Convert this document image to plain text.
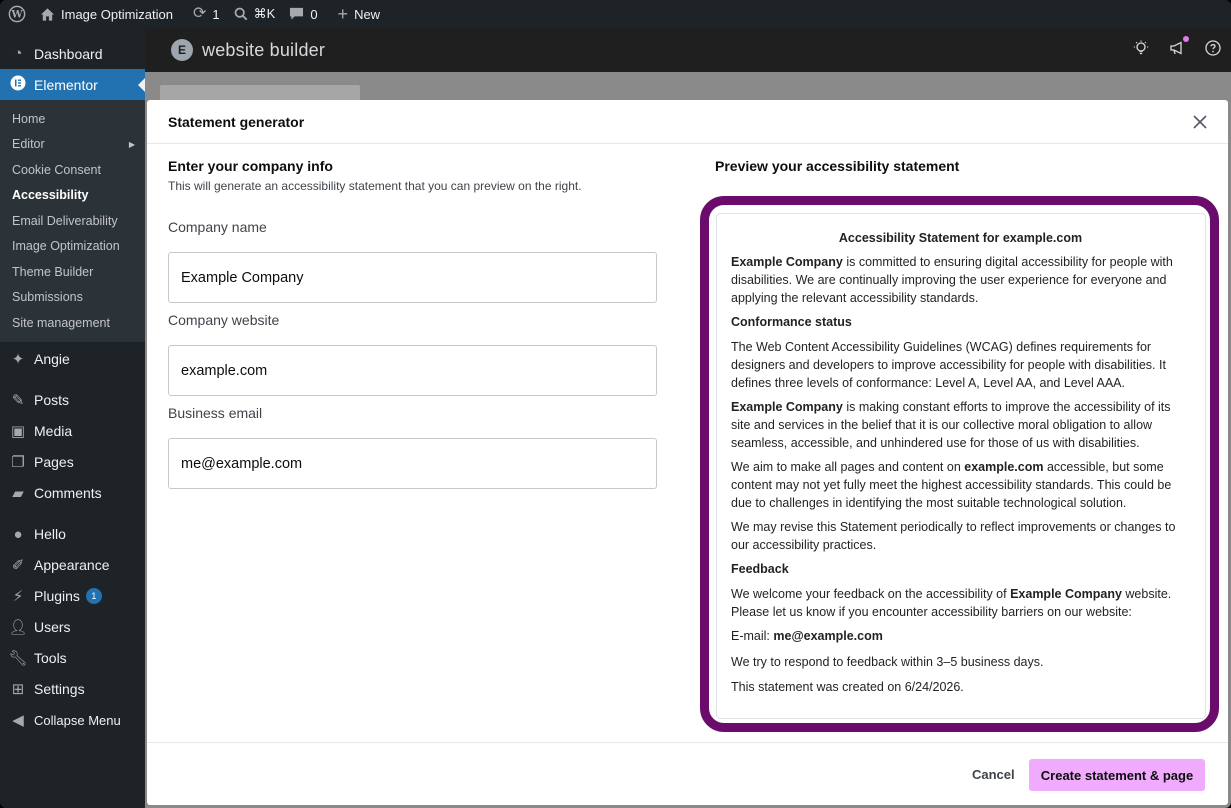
W	Image Optimization ⟳ 1	⌘K	0 + New
◔ Dashboard
Elementor
Home
Editor	▶
Cookie Consent
Accessibility
Email Deliverability
Image Optimization
Theme Builder
Submissions
Site management
✦ Angie
✎ Posts
▣ Media
❐ Pages
▰ Comments
● Hello
✐ Appearance
⚡ Plugins	1
👤︎ Users
🔧︎ Tools
⊞ Settings
◀ Collapse Menu
E website builder
Statement generator
Enter your company info
This will generate an accessibility statement that you can preview on the right.
Company name
Example Company
Company website
example.com
Business email
me@example.com
Preview your accessibility statement
Accessibility Statement for example.com
Example Company is committed to ensuring digital accessibility for people with disabilities. We are continually improving the user experience for everyone and applying the relevant accessibility standards.
Conformance status
The Web Content Accessibility Guidelines (WCAG) defines requirements for designers and developers to improve accessibility for people with disabilities. It defines three levels of conformance: Level A, Level AA, and Level AAA.
Example Company is making constant efforts to improve the accessibility of its site and services in the belief that it is our collective moral obligation to allow seamless, accessible, and unhindered use for those of us with disabilities.
We aim to make all pages and content on example.com accessible, but some content may not yet fully meet the highest accessibility standards. This could be due to challenges in identifying the most suitable technological solution.
We may revise this Statement periodically to reflect improvements or changes to our accessibility practices.
Feedback
We welcome your feedback on the accessibility of Example Company website. Please let us know if you encounter accessibility barriers on our website:
E-mail: me@example.com
We try to respond to feedback within 3–5 business days.
This statement was created on 6/24/2026.
Cancel	Create statement & page
